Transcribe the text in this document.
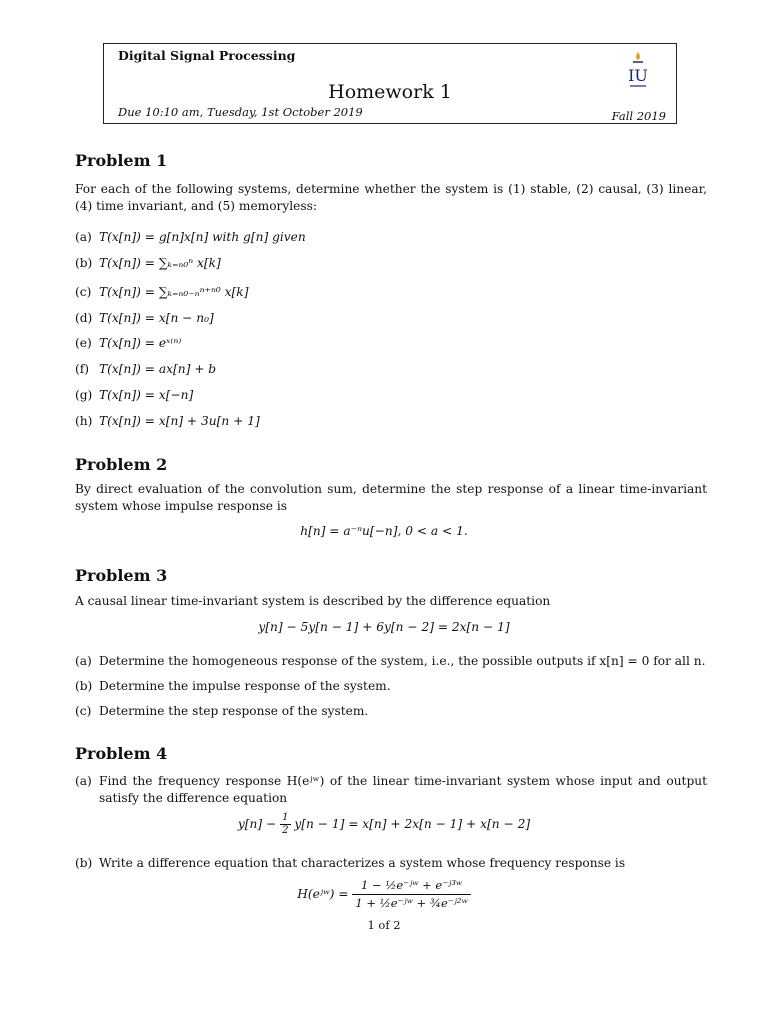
Digital Signal Processing
Homework 1
Due 10:10 am, Tuesday, 1st October 2019	Fall 2019
IU
Problem 1
For each of the following systems, determine whether the system is (1) stable, (2) causal, (3) linear, (4) time invariant, and (5) memoryless:
(a) T(x[n]) = g[n]x[n] with g[n] given
(b) T(x[n]) = ∑ₖ₌ₙ₀ⁿ x[k]
(c) T(x[n]) = ∑ₖ₌ₙ₀₋ₙⁿ⁺ⁿ⁰ x[k]
(d) T(x[n]) = x[n − n₀]
(e) T(x[n]) = eˣ⁽ⁿ⁾
(f) T(x[n]) = ax[n] + b
(g) T(x[n]) = x[−n]
(h) T(x[n]) = x[n] + 3u[n + 1]
Problem 2
By direct evaluation of the convolution sum, determine the step response of a linear time-invariant system whose impulse response is
h[n] = a⁻ⁿu[−n], 0 < a < 1.
Problem 3
A causal linear time-invariant system is described by the difference equation
y[n] − 5y[n − 1] + 6y[n − 2] = 2x[n − 1]
(a) Determine the homogeneous response of the system, i.e., the possible outputs if x[n] = 0 for all n.
(b) Determine the impulse response of the system.
(c) Determine the step response of the system.
Problem 4
(a) Find the frequency response H(eʲʷ) of the linear time-invariant system whose input and output satisfy the difference equation
$y[n] - \frac{1}{2} y[n - 1] = x[n] + 2x[n - 1] + x[n - 2]$
(b) Write a difference equation that characterizes a system whose frequency response is
H(eʲʷ) = $\frac{\text{1 − ½e⁻ʲʷ + e⁻ʲ³ʷ}}{\text{1 + ½e⁻ʲʷ + ¾e⁻ʲ²ʷ}}$
1 of 2
